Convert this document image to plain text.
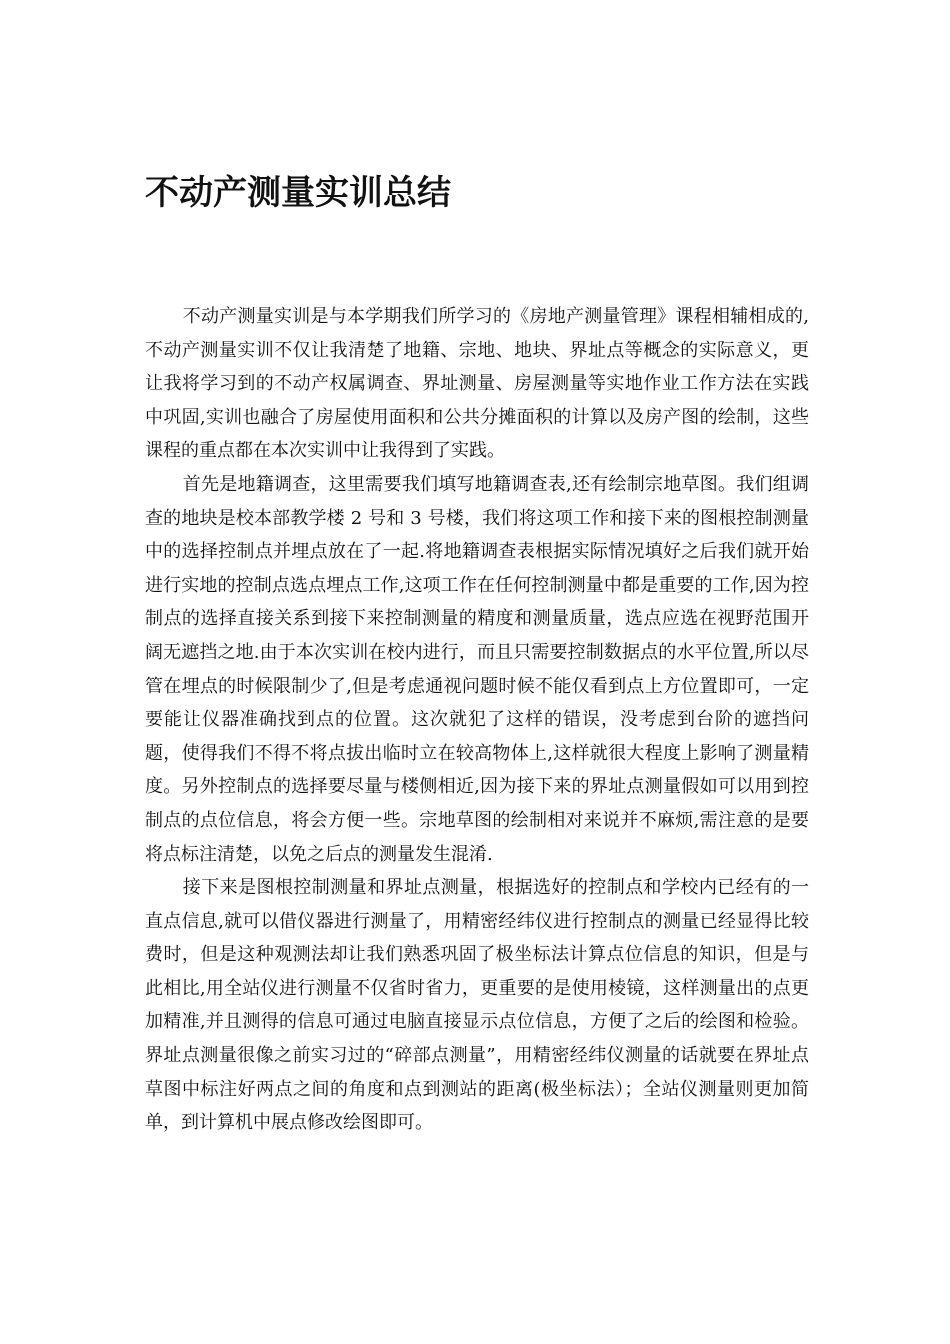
不动产测量实训总结

不动产测量实训是与本学期我们所学习的《房地产测量管理》课程相辅相成的,不动产测量实训不仅让我清楚了地籍、宗地、地块、界址点等概念的实际意义，更让我将学习到的不动产权属调查、界址测量、房屋测量等实地作业工作方法在实践中巩固,实训也融合了房屋使用面积和公共分摊面积的计算以及房产图的绘制，这些课程的重点都在本次实训中让我得到了实践。

首先是地籍调查，这里需要我们填写地籍调查表,还有绘制宗地草图。我们组调查的地块是校本部教学楼 2 号和 3 号楼，我们将这项工作和接下来的图根控制测量中的选择控制点并埋点放在了一起.将地籍调查表根据实际情况填好之后我们就开始进行实地的控制点选点埋点工作,这项工作在任何控制测量中都是重要的工作,因为控制点的选择直接关系到接下来控制测量的精度和测量质量，选点应选在视野范围开阔无遮挡之地.由于本次实训在校内进行，而且只需要控制数据点的水平位置,所以尽管在埋点的时候限制少了,但是考虑通视问题时候不能仅看到点上方位置即可，一定要能让仪器准确找到点的位置。这次就犯了这样的错误，没考虑到台阶的遮挡问题，使得我们不得不将点拔出临时立在较高物体上,这样就很大程度上影响了测量精度。另外控制点的选择要尽量与楼侧相近,因为接下来的界址点测量假如可以用到控制点的点位信息，将会方便一些。宗地草图的绘制相对来说并不麻烦,需注意的是要将点标注清楚，以免之后点的测量发生混淆.

接下来是图根控制测量和界址点测量，根据选好的控制点和学校内已经有的一直点信息,就可以借仪器进行测量了，用精密经纬仪进行控制点的测量已经显得比较费时，但是这种观测法却让我们熟悉巩固了极坐标法计算点位信息的知识，但是与此相比,用全站仪进行测量不仅省时省力，更重要的是使用棱镜，这样测量出的点更加精准,并且测得的信息可通过电脑直接显示点位信息，方便了之后的绘图和检验。界址点测量很像之前实习过的“碎部点测量”，用精密经纬仪测量的话就要在界址点草图中标注好两点之间的角度和点到测站的距离(极坐标法）；全站仪测量则更加简单，到计算机中展点修改绘图即可。
